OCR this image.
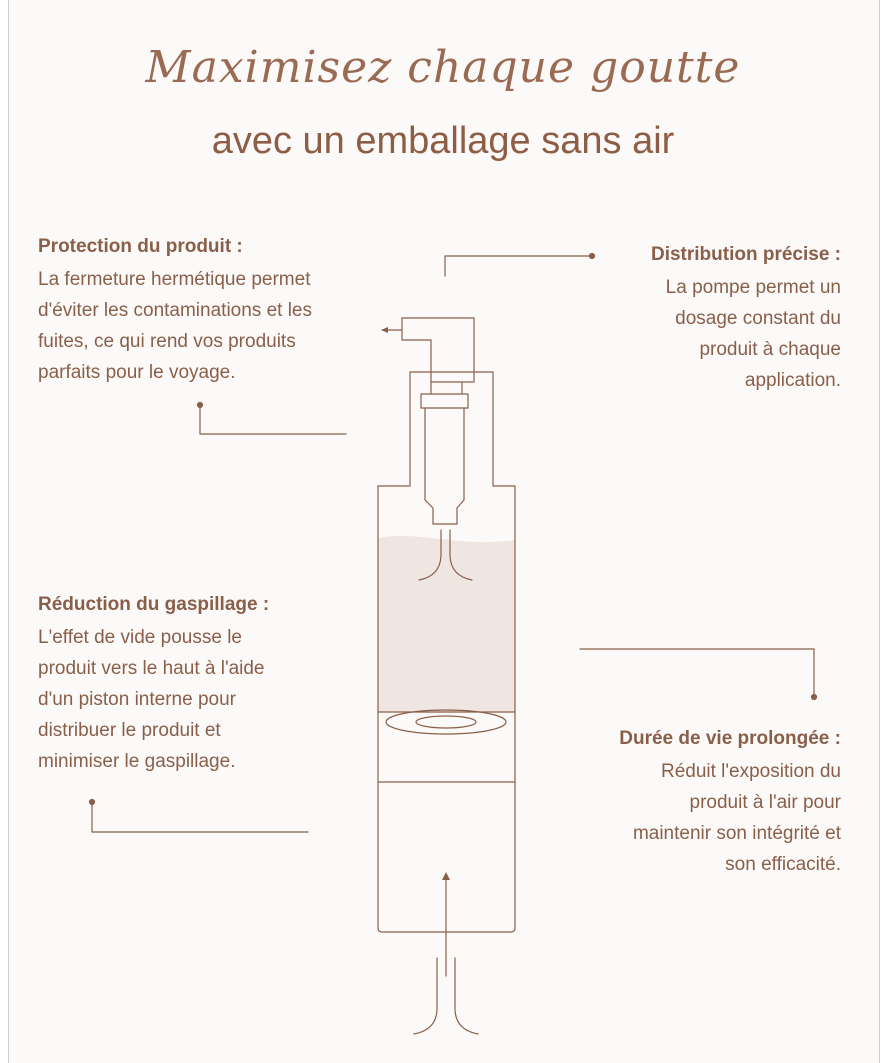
Maximisez chaque goutte
avec un emballage sans air
Protection du produit :
La fermeture hermétique permet
d'éviter les contaminations et les
fuites, ce qui rend vos produits
parfaits pour le voyage.
Distribution précise :
La pompe permet un
dosage constant du
produit à chaque
application.
Réduction du gaspillage :
L'effet de vide pousse le
produit vers le haut à l'aide
d'un piston interne pour
distribuer le produit et
minimiser le gaspillage.
Durée de vie prolongée :
Réduit l'exposition du
produit à l'air pour
maintenir son intégrité et
son efficacité.
